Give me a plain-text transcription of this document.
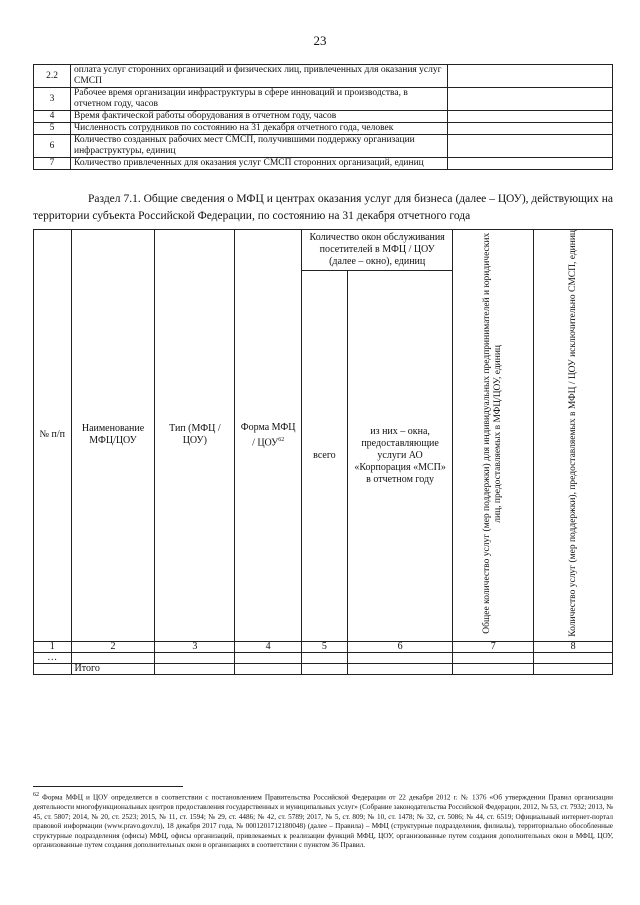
23
2.2	оплата услуг сторонних организаций и физических лиц, привлеченных для оказания услуг СМСП	
3	Рабочее время организации инфраструктуры в сфере инноваций и производства, в отчетном году, часов	
4	Время фактической работы оборудования в отчетном году, часов	
5	Численность сотрудников по состоянию на 31 декабря отчетного года, человек	
6	Количество созданных рабочих мест СМСП, получившими поддержку организации инфраструктуры, единиц	
7	Количество привлеченных для оказания услуг СМСП сторонних организаций, единиц	
Раздел 7.1. Общие сведения о МФЦ и центрах оказания услуг для бизнеса (далее – ЦОУ), действующих на территории субъекта Российской Федерации, по состоянию на 31 декабря отчетного года
№ п/п	Наименование МФЦ/ЦОУ	Тип (МФЦ / ЦОУ)	Форма МФЦ / ЦОУ$^{62}$	Количество окон обслуживания посетителей в МФЦ / ЦОУ (далее – окно), единиц		Общее количество услуг (мер поддержки) для индивидуальных предпринимателей и юридических лиц, предоставляемых в МФЦ/ЦОУ, единиц	Количество услуг (мер поддержки), предоставляемых в МФЦ / ЦОУ исключительно СМСП, единиц
				всего	из них – окна, предоставляющие услуги АО «Корпорация «МСП» в отчетном году		
1	2	3	4	5	6	7	8
…							
	Итого						
$^{62}$ Форма МФЦ и ЦОУ определяется в соответствии с постановлением Правительства Российской Федерации от 22 декабря 2012 г. № 1376 «Об утверждении Правил организации деятельности многофункциональных центров предоставления государственных и муниципальных услуг» (Собрание законодательства Российской Федерации, 2012, № 53, ст. 7932; 2013, № 45, ст. 5807; 2014, № 20, ст. 2523; 2015, № 11, ст. 1594; № 29, ст. 4486; № 42, ст. 5789; 2017, № 5, ст. 809; № 10, ст. 1478; № 32, ст. 5086; № 44, ст. 6519; Официальный интернет-портал правовой информации (www.pravo.gov.ru), 18 декабря 2017 года, № 0001201712180048) (далее – Правила) – МФЦ (структурные подразделения, филиалы), территориально обособленные структурные подразделения (офисы) МФЦ, офисы организаций, привлекаемых к реализации функций МФЦ, ЦОУ, организованные путем создания дополнительных окон в МФЦ, ЦОУ, организованные путем создания дополнительных окон в организациях в соответствии с пунктом 36 Правил.
